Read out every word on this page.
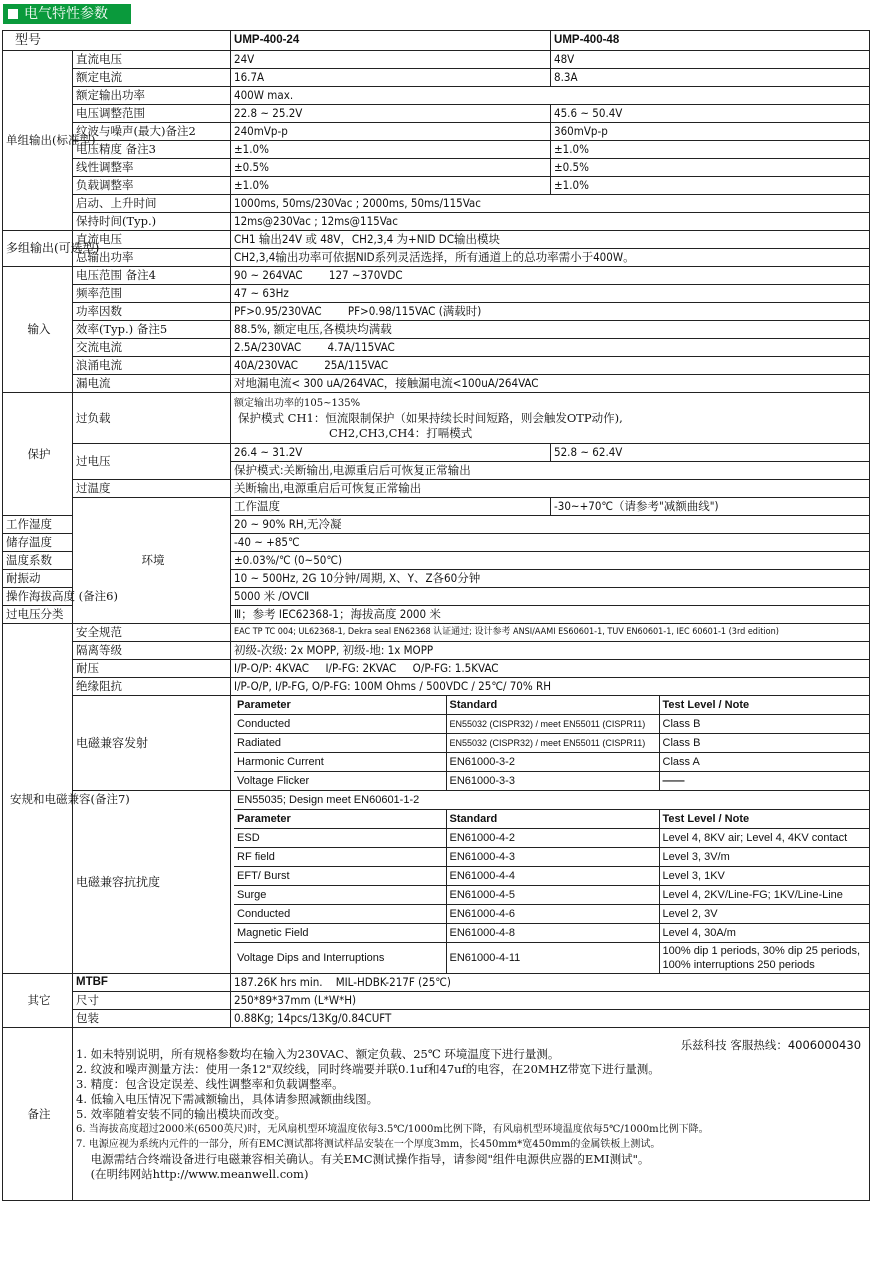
电气特性参数
型号	UMP-400-24	UMP-400-48
单组输出(标准型)	直流电压	24V	48V
额定电流	16.7A	8.3A
额定输出功率	400W max.
电压调整范围	22.8 ~ 25.2V	45.6 ~ 50.4V
纹波与噪声(最大)备注2	240mVp-p	360mVp-p
电压精度 备注3	±1.0%	±1.0%
线性调整率	±0.5%	±0.5%
负载调整率	±1.0%	±1.0%
启动、上升时间	1000ms, 50ms/230Vac ; 2000ms, 50ms/115Vac
保持时间(Typ.)	12ms@230Vac ; 12ms@115Vac
多组输出(可选型)	直流电压	CH1 输出24V 或 48V，CH2,3,4 为+NID DC输出模块
总输出功率	CH2,3,4输出功率可依据NID系列灵活选择，所有通道上的总功率需小于400W。
输入	电压范围 备注4	90 ~ 264VAC        127 ~370VDC
频率范围	47 ~ 63Hz
功率因数	PF>0.95/230VAC        PF>0.98/115VAC (满载时)
效率(Typ.) 备注5	88.5%, 额定电压,各模块均满载
交流电流	2.5A/230VAC        4.7A/115VAC
浪涌电流	40A/230VAC        25A/115VAC
漏电流	对地漏电流< 300 uA/264VAC，接触漏电流<100uA/264VAC
保护	过负载	
额定输出功率的105~135%
保护模式 CH1：恒流限制保护（如果持续长时间短路，则会触发OTP动作),
CH2,CH3,CH4：打嗝模式

过电压	26.4 ~ 31.2V	52.8 ~ 62.4V
保护模式:关断输出,电源重启后可恢复正常输出
过温度	关断输出,电源重启后可恢复正常输出
环境	工作温度	-30~+70℃（请参考"减额曲线")
工作湿度	20 ~ 90% RH,无冷凝
储存温度	-40 ~ +85℃
温度系数	±0.03%/℃ (0~50℃)
耐振动	10 ~ 500Hz, 2G 10分钟/周期, X、Y、Z各60分钟
操作海拔高度 (备注6)	5000 米 /OVCⅡ
过电压分类	Ⅲ；参考 IEC62368-1；海拔高度 2000 米
安规和电磁兼容(备注7)	安全规范	EAC TP TC 004; UL62368-1, Dekra seal EN62368 认证通过; 设计参考 ANSI/AAMI ES60601-1, TUV EN60601-1, IEC 60601-1 (3rd edition)
隔离等级	初级-次级: 2x MOPP, 初级-地: 1x MOPP
耐压	I/P-O/P: 4KVAC     I/P-FG: 2KVAC     O/P-FG: 1.5KVAC
绝缘阻抗	I/P-O/P, I/P-FG, O/P-FG: 100M Ohms / 500VDC / 25℃/ 70% RH
电磁兼容发射	
Parameter	Standard	Test Level / Note
Conducted	EN55032 (CISPR32) / meet EN55011 (CISPR11)	Class B
Radiated	EN55032 (CISPR32) / meet EN55011 (CISPR11)	Class B
Harmonic Current	EN61000-3-2	Class A
Voltage Flicker	EN61000-3-3	——

电磁兼容抗扰度	
EN55035; Design meet EN60601-1-2
Parameter	Standard	Test Level / Note
ESD	EN61000-4-2	Level 4, 8KV air; Level 4, 4KV contact
RF field	EN61000-4-3	Level 3, 3V/m
EFT/ Burst	EN61000-4-4	Level 3, 1KV
Surge	EN61000-4-5	Level 4, 2KV/Line-FG; 1KV/Line-Line
Conducted	EN61000-4-6	Level 2, 3V
Magnetic Field	EN61000-4-8	Level 4, 30A/m
Voltage Dips and Interruptions	EN61000-4-11	
100% dip 1 periods, 30% dip 25 periods,
100% interruptions 250 periods

其它	MTBF	187.26K hrs min.    MIL-HDBK-217F (25℃)
尺寸	250*89*37mm (L*W*H)
包装	0.88Kg; 14pcs/13Kg/0.84CUFT
备注	
乐兹科技 客服热线：4006000430
1. 如未特别说明，所有规格参数均在输入为230VAC、额定负载、25℃ 环境温度下进行量测。
2. 纹波和噪声测量方法：使用一条12"双绞线，同时终端要并联0.1uf和47uf的电容，在20MHZ带宽下进行量测。
3. 精度：包含设定误差、线性调整率和负载调整率。
4. 低输入电压情况下需减额输出，具体请参照减额曲线图。
5. 效率随着安装不同的输出模块而改变。
6. 当海拔高度超过2000米(6500英尺)时，无风扇机型环境温度依每3.5℃/1000m比例下降，有风扇机型环境温度依每5℃/1000m比例下降。
7. 电源应视为系统内元件的一部分，所有EMC测试都将测试样品安装在一个厚度3mm，长450mm*宽450mm的金属铁板上测试。
电源需结合终端设备进行电磁兼容相关确认。有关EMC测试操作指导，请参阅"组件电源供应器的EMI测试"。
(在明纬网站http://www.meanwell.com)
